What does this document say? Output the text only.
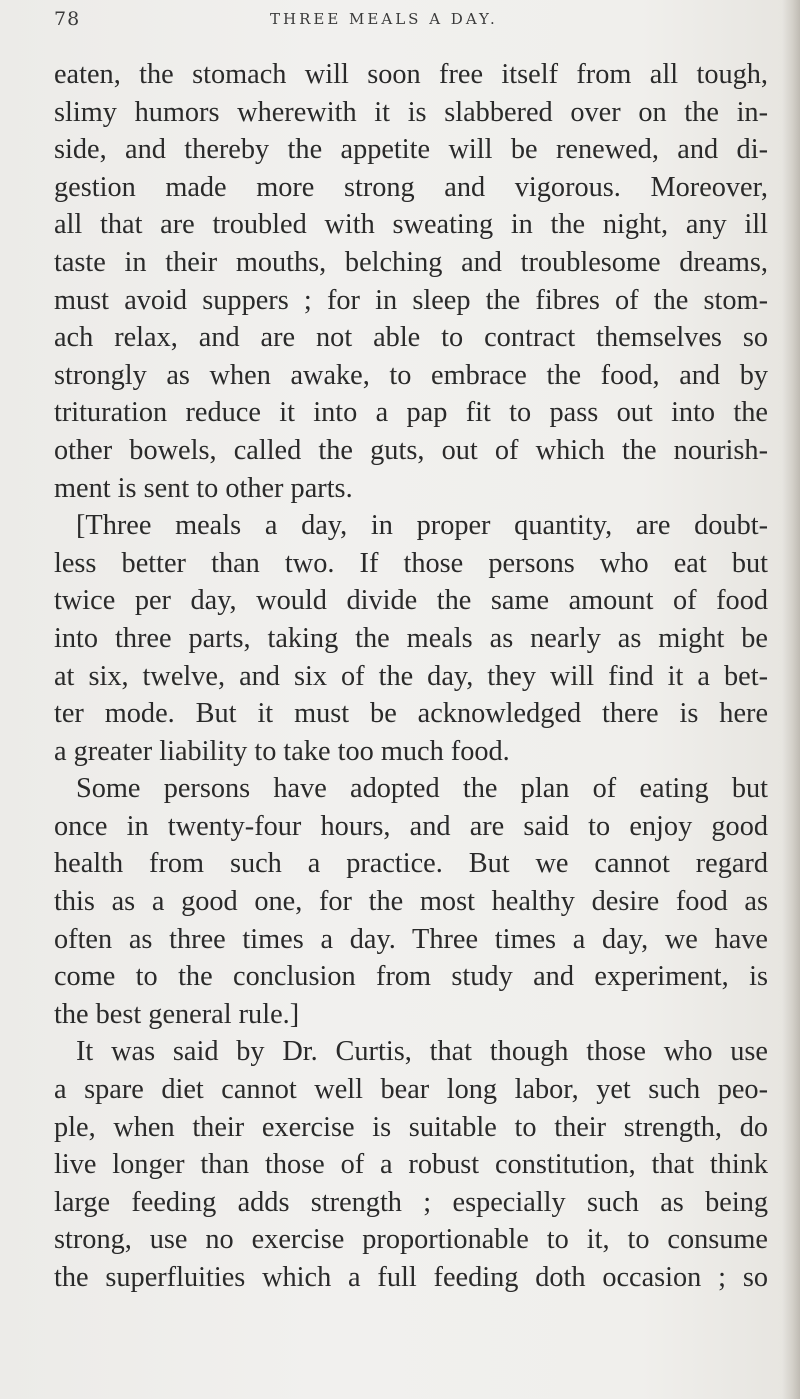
78	THREE MEALS A DAY.
eaten, the stomach will soon free itself from all tough,
slimy humors wherewith it is slabbered over on the in-
side, and thereby the appetite will be renewed, and di-
gestion made more strong and vigorous. Moreover,
all that are troubled with sweating in the night, any ill
taste in their mouths, belching and troublesome dreams,
must avoid suppers ; for in sleep the fibres of the stom-
ach relax, and are not able to contract themselves so
strongly as when awake, to embrace the food, and by
trituration reduce it into a pap fit to pass out into the
other bowels, called the guts, out of which the nourish-
ment is sent to other parts.
[Three meals a day, in proper quantity, are doubt-
less better than two. If those persons who eat but
twice per day, would divide the same amount of food
into three parts, taking the meals as nearly as might be
at six, twelve, and six of the day, they will find it a bet-
ter mode. But it must be acknowledged there is here
a greater liability to take too much food.
Some persons have adopted the plan of eating but
once in twenty-four hours, and are said to enjoy good
health from such a practice. But we cannot regard
this as a good one, for the most healthy desire food as
often as three times a day. Three times a day, we have
come to the conclusion from study and experiment, is
the best general rule.]
It was said by Dr. Curtis, that though those who use
a spare diet cannot well bear long labor, yet such peo-
ple, when their exercise is suitable to their strength, do
live longer than those of a robust constitution, that think
large feeding adds strength ; especially such as being
strong, use no exercise proportionable to it, to consume
the superfluities which a full feeding doth occasion ; so
